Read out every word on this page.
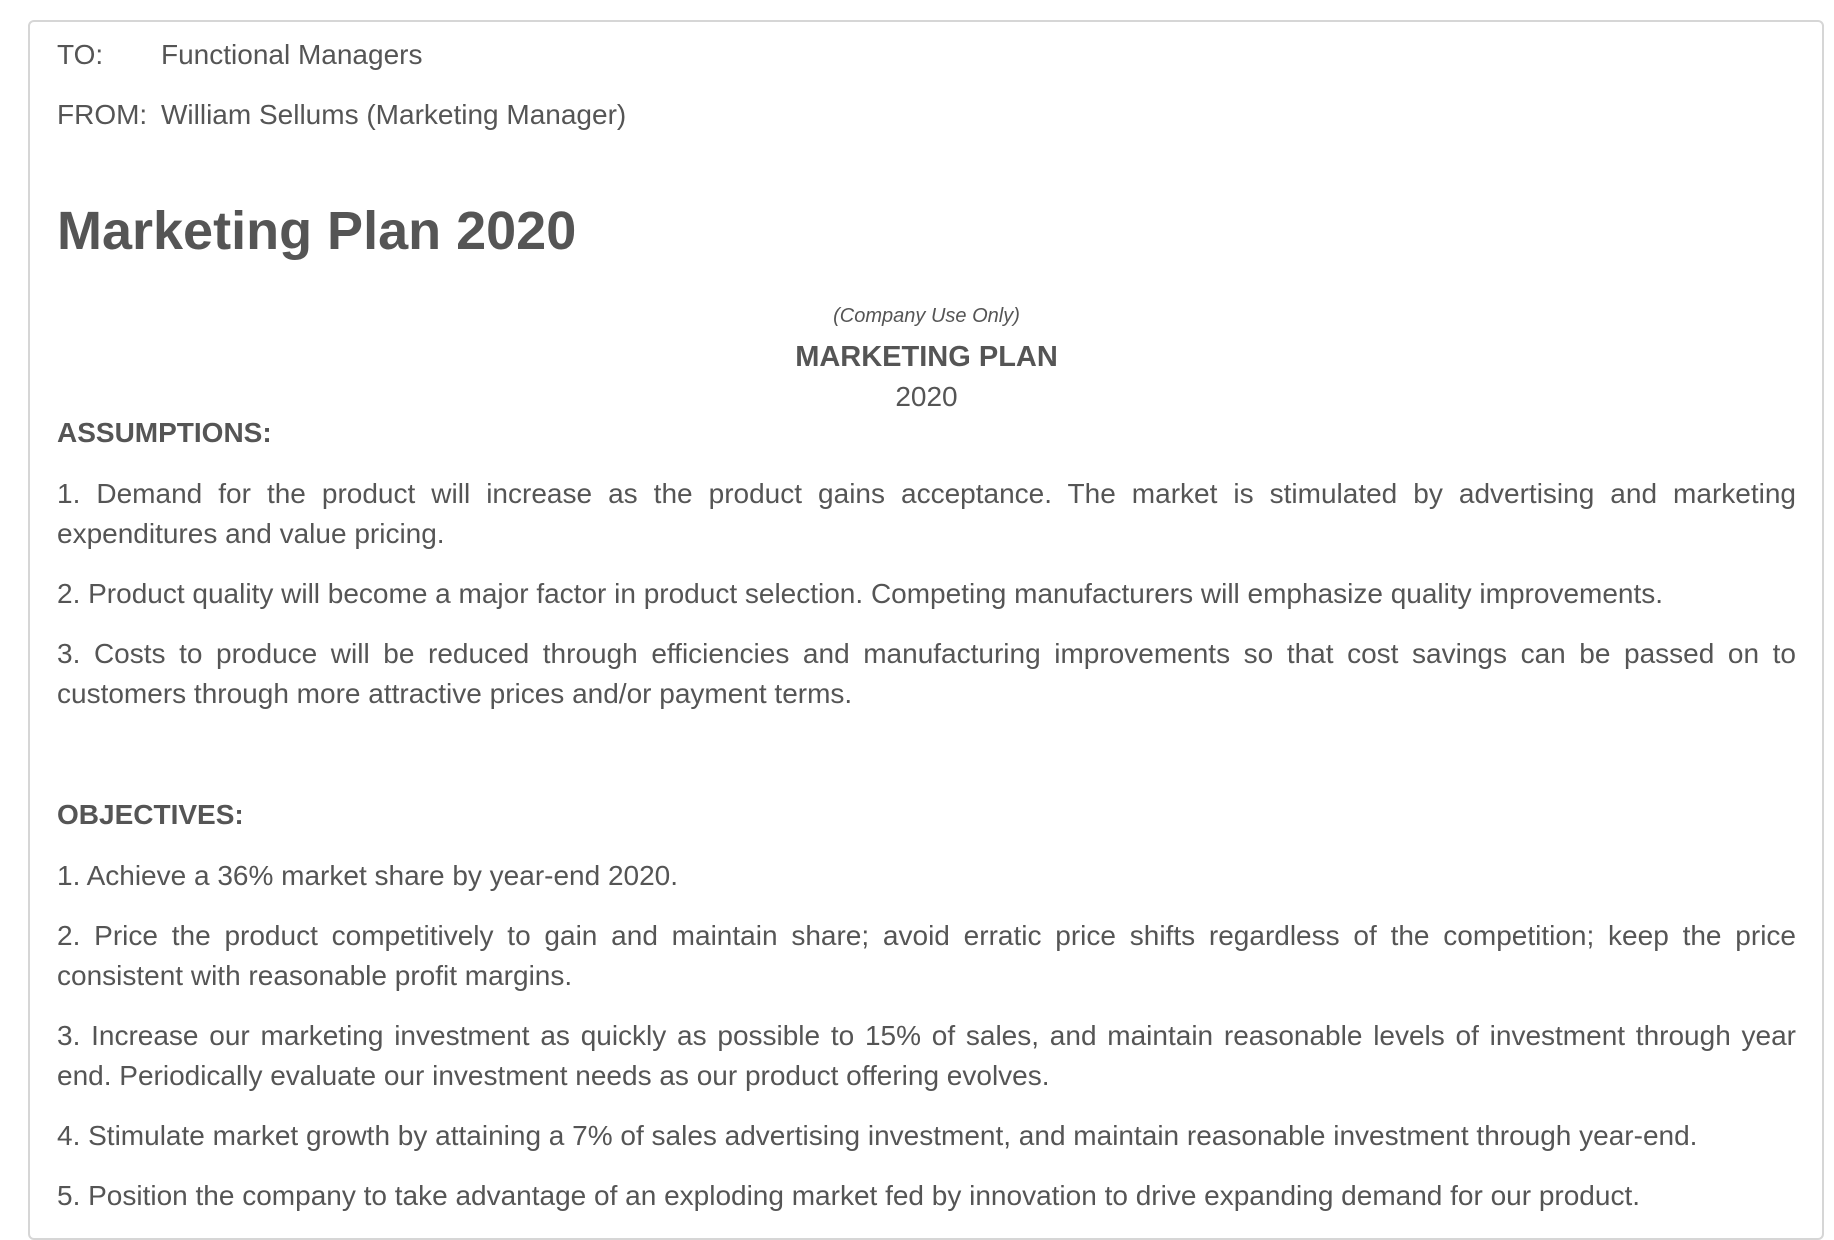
TO:	Functional Managers
FROM: William Sellums (Marketing Manager)
Marketing Plan 2020
(Company Use Only)
MARKETING PLAN
2020

ASSUMPTIONS:

1. Demand for the product will increase as the product gains acceptance. The market is stimulated by advertising and marketing expenditures and value pricing.

2. Product quality will become a major factor in product selection. Competing manufacturers will emphasize quality improvements.

3. Costs to produce will be reduced through efficiencies and manufacturing improvements so that cost savings can be passed on to customers through more attractive prices and/or payment terms.

OBJECTIVES:

1. Achieve a 36% market share by year-end 2020.

2. Price the product competitively to gain and maintain share; avoid erratic price shifts regardless of the competition; keep the price consistent with reasonable profit margins.

3. Increase our marketing investment as quickly as possible to 15% of sales, and maintain reasonable levels of investment through year end. Periodically evaluate our investment needs as our product offering evolves.

4. Stimulate market growth by attaining a 7% of sales advertising investment, and maintain reasonable investment through year-end.

5. Position the company to take advantage of an exploding market fed by innovation to drive expanding demand for our product.
